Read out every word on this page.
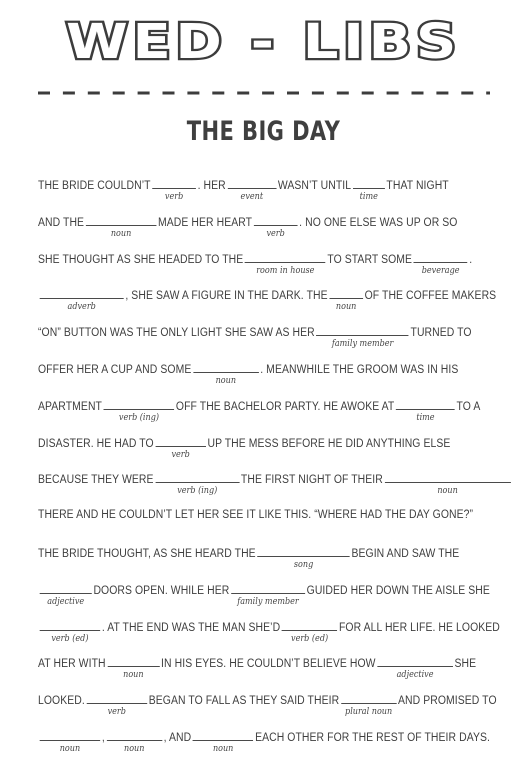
WED - LIBS
THE BIG DAY
THE BRIDE COULDN’T
verb
. HER
event
WASN’T UNTIL
time
THAT NIGHT
AND THE
noun
MADE HER HEART
verb
. NO ONE ELSE WAS UP OR SO
SHE THOUGHT AS SHE HEADED TO THE
room in house
TO START SOME
beverage
.
adverb
, SHE SAW A FIGURE IN THE DARK. THE
noun
OF THE COFFEE MAKERS
“ON” BUTTON WAS THE ONLY LIGHT SHE SAW AS HER
family member
TURNED TO
OFFER HER A CUP AND SOME
noun
. MEANWHILE THE GROOM WAS IN HIS
APARTMENT
verb (ing)
OFF THE BACHELOR PARTY. HE AWOKE AT
time
TO A
DISASTER. HE HAD TO
verb
UP THE MESS BEFORE HE DID ANYTHING ELSE
BECAUSE THEY WERE
verb (ing)
THE FIRST NIGHT OF THEIR
noun
THERE AND HE COULDN’T LET HER SEE IT LIKE THIS. “WHERE HAD THE DAY GONE?”
THE BRIDE THOUGHT, AS SHE HEARD THE
song
BEGIN AND SAW THE
adjective
DOORS OPEN. WHILE HER
family member
GUIDED HER DOWN THE AISLE SHE
verb (ed)
. AT THE END WAS THE MAN SHE’D
verb (ed)
FOR ALL HER LIFE. HE LOOKED
AT HER WITH
noun
IN HIS EYES. HE COULDN’T BELIEVE HOW
adjective
SHE
LOOKED.
verb
BEGAN TO FALL AS THEY SAID THEIR
plural noun
AND PROMISED TO
noun
,
noun
, AND
noun
EACH OTHER FOR THE REST OF THEIR DAYS.
